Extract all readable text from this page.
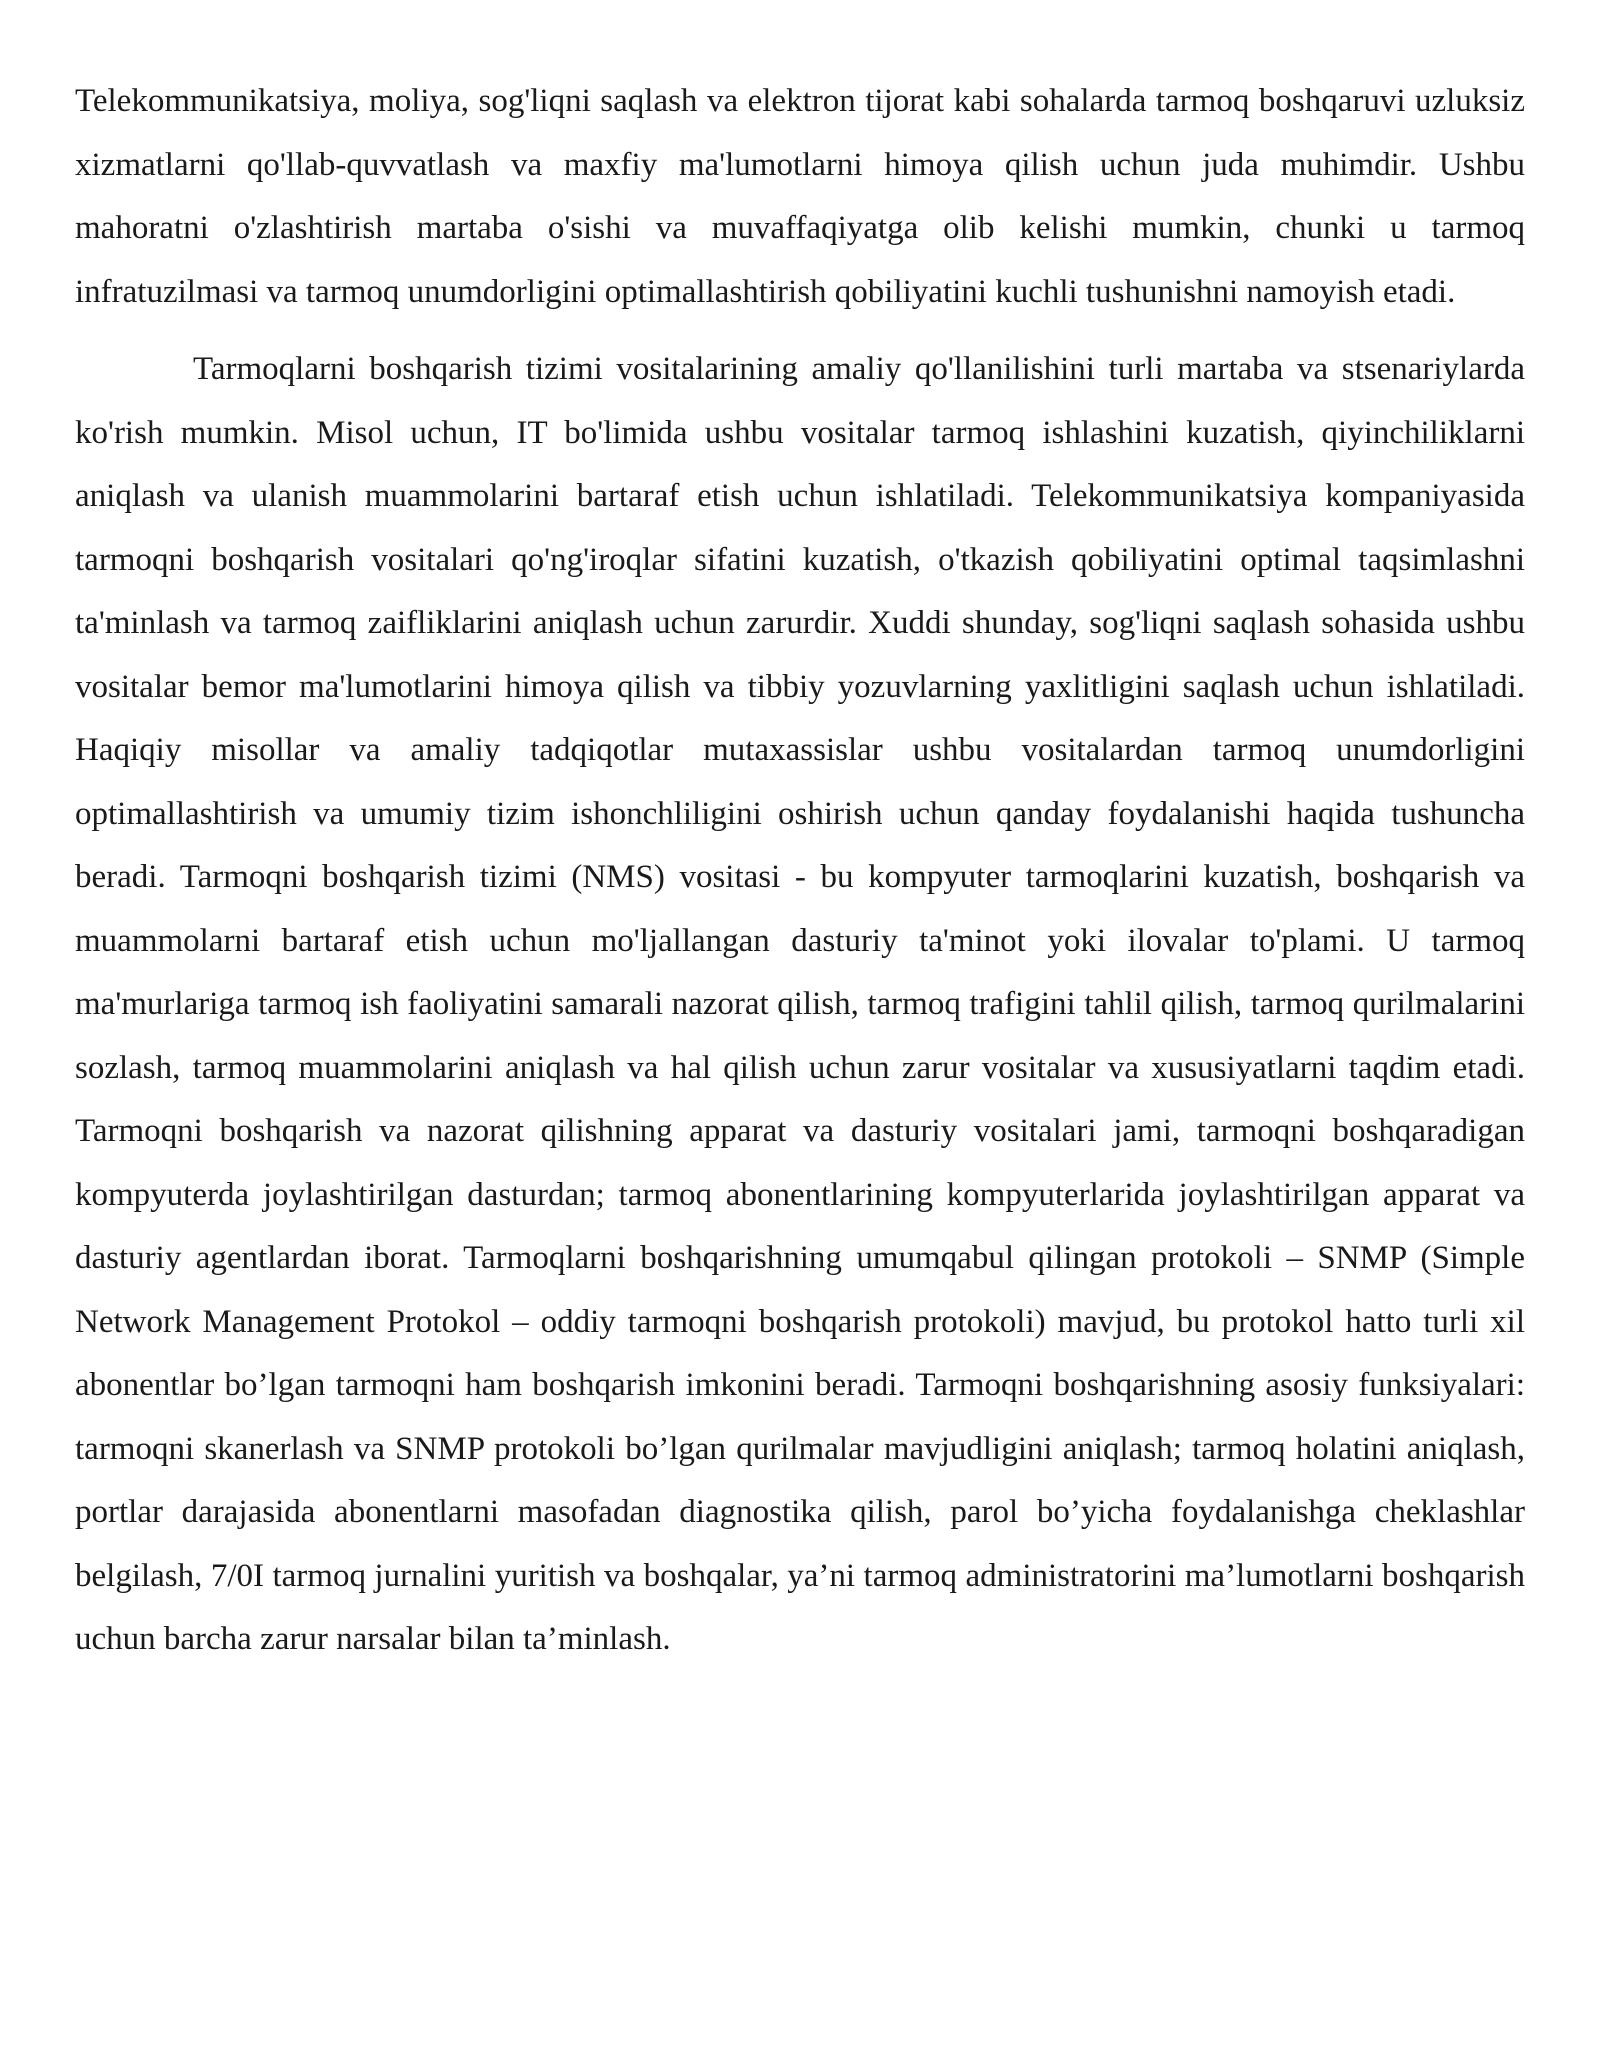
Telekommunikatsiya, moliya, sog'liqni saqlash va elektron tijorat kabi sohalarda tarmoq boshqaruvi uzluksiz xizmatlarni qo'llab-quvvatlash va maxfiy ma'lumotlarni himoya qilish uchun juda muhimdir. Ushbu mahoratni o'zlashtirish martaba o'sishi va muvaffaqiyatga olib kelishi mumkin, chunki u tarmoq infratuzilmasi va tarmoq unumdorligini optimallashtirish qobiliyatini kuchli tushunishni namoyish etadi.

Tarmoqlarni boshqarish tizimi vositalarining amaliy qo'llanilishini turli martaba va stsenariylarda ko'rish mumkin. Misol uchun, IT bo'limida ushbu vositalar tarmoq ishlashini kuzatish, qiyinchiliklarni aniqlash va ulanish muammolarini bartaraf etish uchun ishlatiladi. Telekommunikatsiya kompaniyasida tarmoqni boshqarish vositalari qo'ng'iroqlar sifatini kuzatish, o'tkazish qobiliyatini optimal taqsimlashni ta'minlash va tarmoq zaifliklarini aniqlash uchun zarurdir. Xuddi shunday, sog'liqni saqlash sohasida ushbu vositalar bemor ma'lumotlarini himoya qilish va tibbiy yozuvlarning yaxlitligini saqlash uchun ishlatiladi. Haqiqiy misollar va amaliy tadqiqotlar mutaxassislar ushbu vositalardan tarmoq unumdorligini optimallashtirish va umumiy tizim ishonchliligini oshirish uchun qanday foydalanishi haqida tushuncha beradi. Tarmoqni boshqarish tizimi (NMS) vositasi - bu kompyuter tarmoqlarini kuzatish, boshqarish va muammolarni bartaraf etish uchun mo'ljallangan dasturiy ta'minot yoki ilovalar to'plami. U tarmoq ma'murlariga tarmoq ish faoliyatini samarali nazorat qilish, tarmoq trafigini tahlil qilish, tarmoq qurilmalarini sozlash, tarmoq muammolarini aniqlash va hal qilish uchun zarur vositalar va xususiyatlarni taqdim etadi. Tarmoqni boshqarish va nazorat qilishning apparat va dasturiy vositalari jami, tarmoqni boshqaradigan kompyuterda joylashtirilgan dasturdan; tarmoq abonentlarining kompyuterlarida joylashtirilgan apparat va dasturiy agentlardan iborat. Tarmoqlarni boshqarishning umumqabul qilingan protokoli – SNMP (Simple Network Management Protokol – oddiy tarmoqni boshqarish protokoli) mavjud, bu protokol hatto turli xil abonentlar bo’lgan tarmoqni ham boshqarish imkonini beradi. Tarmoqni boshqarishning asosiy funksiyalari: tarmoqni skanerlash va SNMP protokoli bo’lgan qurilmalar mavjudligini aniqlash; tarmoq holatini aniqlash, portlar darajasida abonentlarni masofadan diagnostika qilish, parol bo’yicha foydalanishga cheklashlar belgilash, 7/0I tarmoq jurnalini yuritish va boshqalar, ya’ni tarmoq administratorini ma’lumotlarni boshqarish uchun barcha zarur narsalar bilan ta’minlash.
